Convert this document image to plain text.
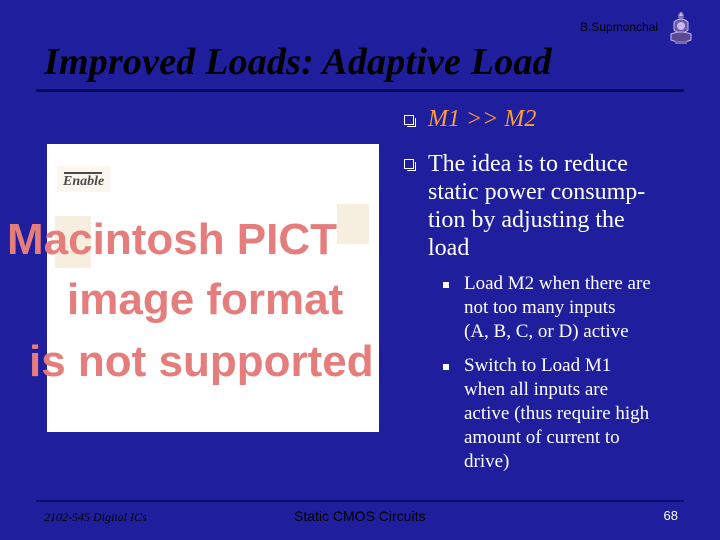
B.Supmonchai
Improved Loads: Adaptive Load
Macintosh PICT
image format
is not supported
Enable
M1 >> M2
The idea is to reduce
static power consump-
tion by adjusting the
load
Load M2 when there are
not too many inputs
(A, B, C, or D) active
Switch to Load M1
when all inputs are
active (thus require high
amount of current to
drive)
2102-545 Digital ICs	Static CMOS Circuits	68
